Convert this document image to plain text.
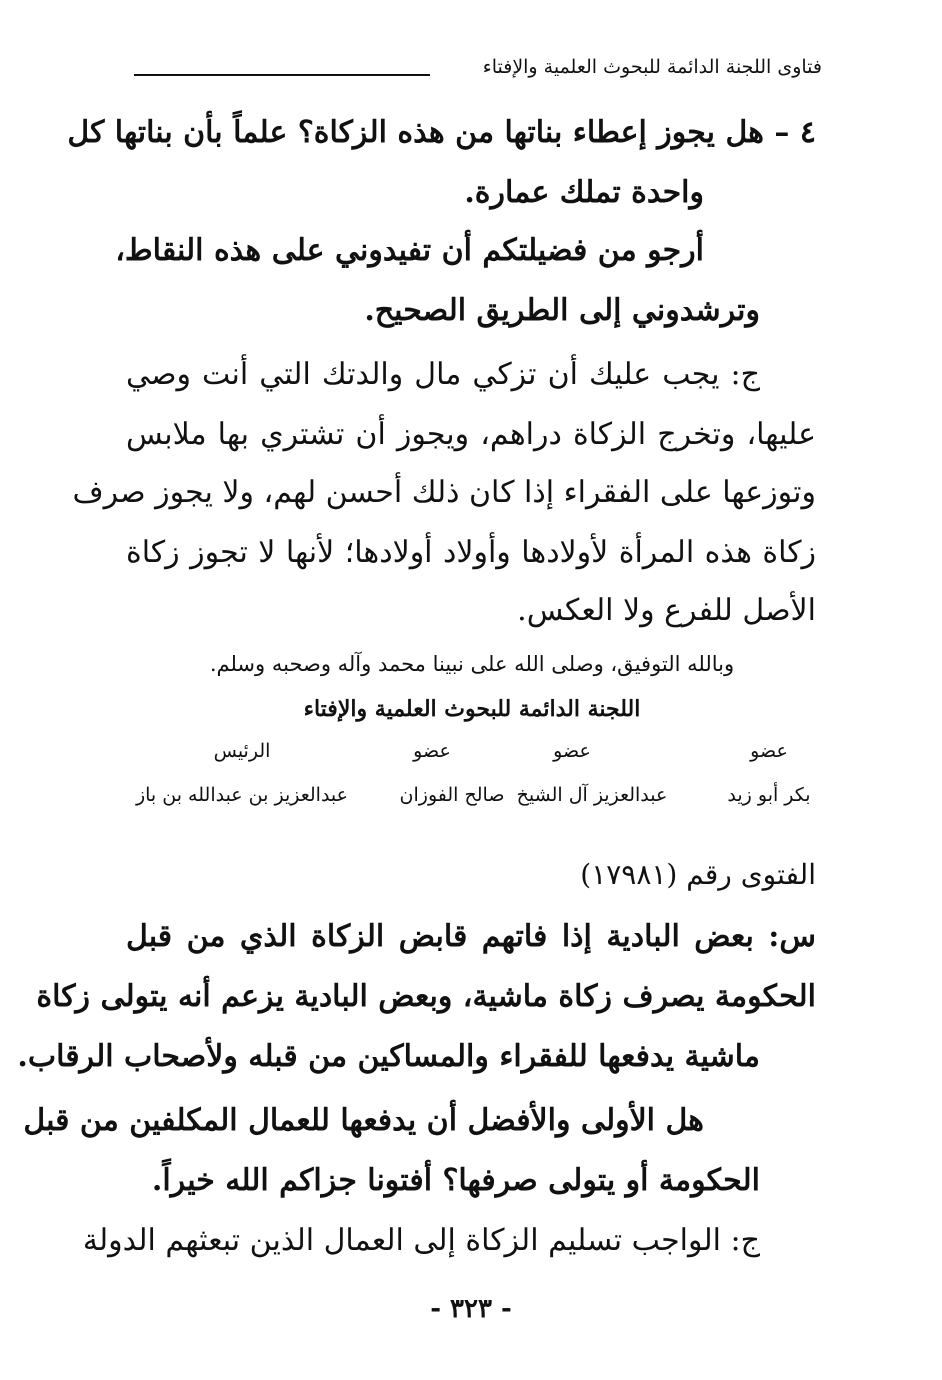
فتاوى اللجنة الدائمة للبحوث العلمية والإفتاء
٤ – هل يجوز إعطاء بناتها من هذه الزكاة؟ علماً بأن بناتها كل
واحدة تملك عمارة.
أرجو من فضيلتكم أن تفيدوني على هذه النقاط،
وترشدوني إلى الطريق الصحيح.
ج: يجب عليك أن تزكي مال والدتك التي أنت وصي
عليها، وتخرج الزكاة دراهم، ويجوز أن تشتري بها ملابس
وتوزعها على الفقراء إذا كان ذلك أحسن لهم، ولا يجوز صرف
زكاة هذه المرأة لأولادها وأولاد أولادها؛ لأنها لا تجوز زكاة
الأصل للفرع ولا العكس.
وبالله التوفيق، وصلى الله على نبينا محمد وآله وصحبه وسلم.
اللجنة الدائمة للبحوث العلمية والإفتاء
عضو
عضو
عضو
الرئيس
بكر أبو زيد
عبدالعزيز آل الشيخ
صالح الفوزان
عبدالعزيز بن عبدالله بن باز
الفتوى رقم (١٧٩٨١)
س: بعض البادية إذا فاتهم قابض الزكاة الذي من قبل
الحكومة يصرف زكاة ماشية، وبعض البادية يزعم أنه يتولى زكاة
ماشية يدفعها للفقراء والمساكين من قبله ولأصحاب الرقاب.
هل الأولى والأفضل أن يدفعها للعمال المكلفين من قبل
الحكومة أو يتولى صرفها؟ أفتونا جزاكم الله خيراً.
ج: الواجب تسليم الزكاة إلى العمال الذين تبعثهم الدولة
- ٣٢٣ -
